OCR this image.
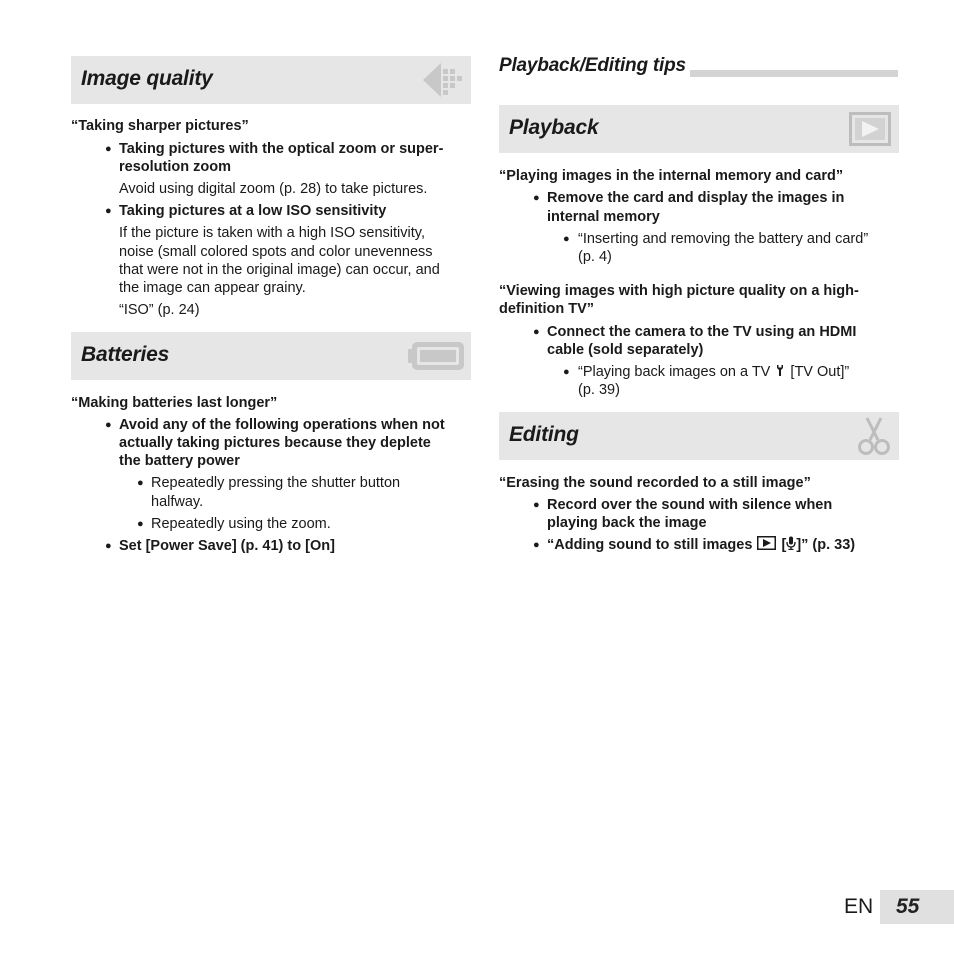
Image quality
“Taking sharper pictures”
● Taking pictures with the optical zoom or super-
resolution zoom
Avoid using digital zoom (p. 28) to take pictures.
● Taking pictures at a low ISO sensitivity
If the picture is taken with a high ISO sensitivity,
noise (small colored spots and color unevenness
that were not in the original image) can occur, and
the image can appear grainy.
“ISO” (p. 24)
Batteries
“Making batteries last longer”
● Avoid any of the following operations when not
actually taking pictures because they deplete
the battery power
● Repeatedly pressing the shutter button
halfway.
● Repeatedly using the zoom.
● Set [Power Save] (p. 41) to [On]
Playback/Editing tips
Playback
“Playing images in the internal memory and card”
● Remove the card and display the images in
internal memory
● “Inserting and removing the battery and card”
(p. 4)
“Viewing images with high picture quality on a high-
definition TV”
● Connect the camera to the TV using an HDMI
cable (sold separately)
● “Playing back images on a TV [TV Out]”
(p. 39)
Editing
“Erasing the sound recorded to a still image”
● Record over the sound with silence when
playing back the image
● “Adding sound to still images [ ]” (p. 33)
EN 55
